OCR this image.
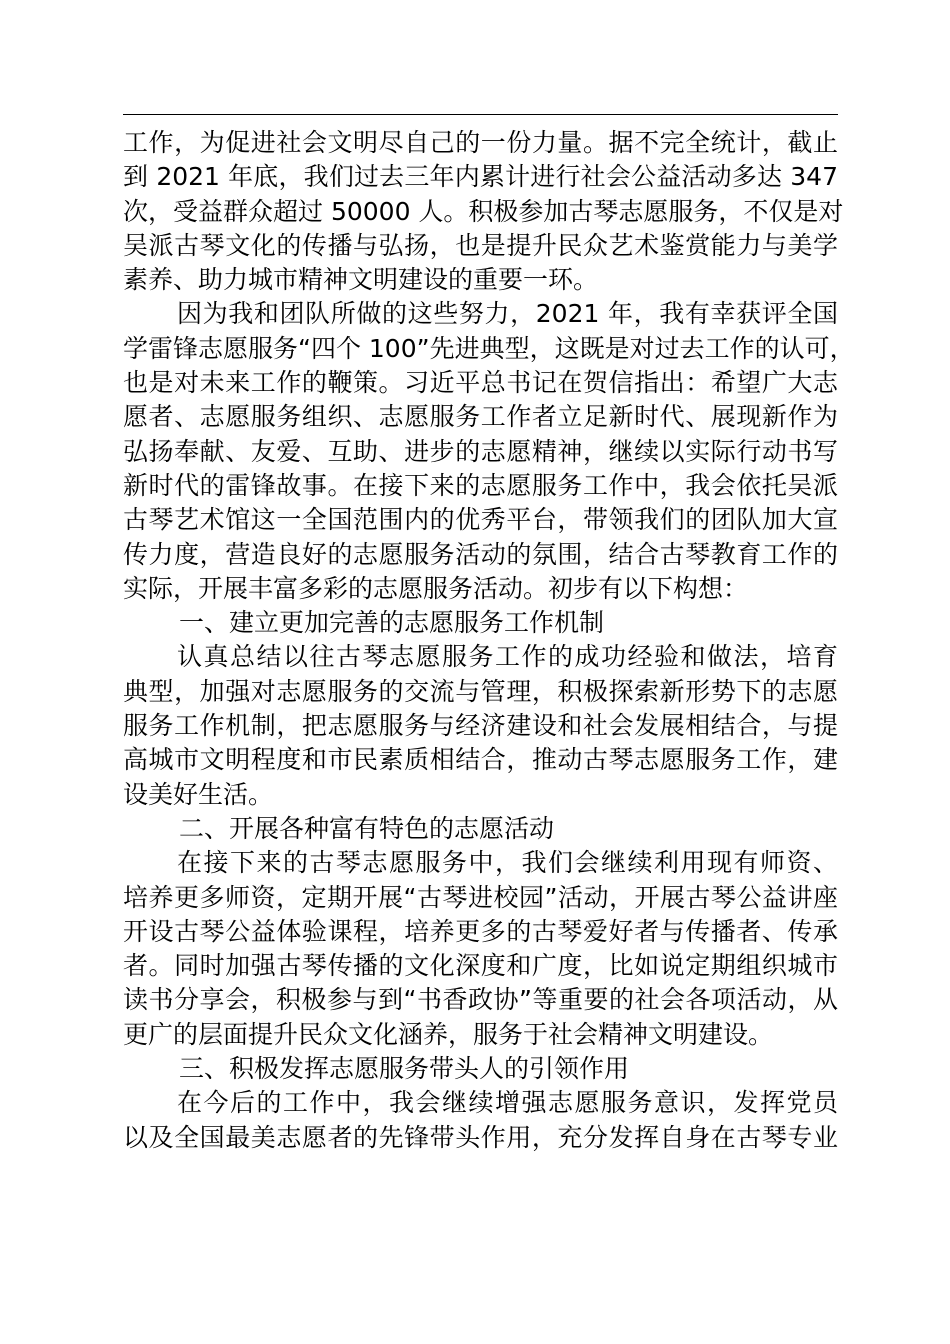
工作，为促进社会文明尽自己的一份力量。据不完全统计，截止
到 2021 年底，我们过去三年内累计进行社会公益活动多达 347
次，受益群众超过 50000 人。积极参加古琴志愿服务，不仅是对
吴派古琴文化的传播与弘扬，也是提升民众艺术鉴赏能力与美学
素养、助力城市精神文明建设的重要一环。
因为我和团队所做的这些努力，2021 年，我有幸获评全国
学雷锋志愿服务“四个 100”先进典型，这既是对过去工作的认可，
也是对未来工作的鞭策。习近平总书记在贺信指出：希望广大志
愿者、志愿服务组织、志愿服务工作者立足新时代、展现新作为
弘扬奉献、友爱、互助、进步的志愿精神，继续以实际行动书写
新时代的雷锋故事。在接下来的志愿服务工作中，我会依托吴派
古琴艺术馆这一全国范围内的优秀平台，带领我们的团队加大宣
传力度，营造良好的志愿服务活动的氛围，结合古琴教育工作的
实际，开展丰富多彩的志愿服务活动。初步有以下构想：
一、建立更加完善的志愿服务工作机制
认真总结以往古琴志愿服务工作的成功经验和做法，培育
典型，加强对志愿服务的交流与管理，积极探索新形势下的志愿
服务工作机制，把志愿服务与经济建设和社会发展相结合，与提
高城市文明程度和市民素质相结合，推动古琴志愿服务工作，建
设美好生活。
二、开展各种富有特色的志愿活动
在接下来的古琴志愿服务中，我们会继续利用现有师资、
培养更多师资，定期开展“古琴进校园”活动，开展古琴公益讲座
开设古琴公益体验课程，培养更多的古琴爱好者与传播者、传承
者。同时加强古琴传播的文化深度和广度，比如说定期组织城市
读书分享会，积极参与到“书香政协”等重要的社会各项活动，从
更广的层面提升民众文化涵养，服务于社会精神文明建设。
三、积极发挥志愿服务带头人的引领作用
在今后的工作中，我会继续增强志愿服务意识，发挥党员
以及全国最美志愿者的先锋带头作用，充分发挥自身在古琴专业
